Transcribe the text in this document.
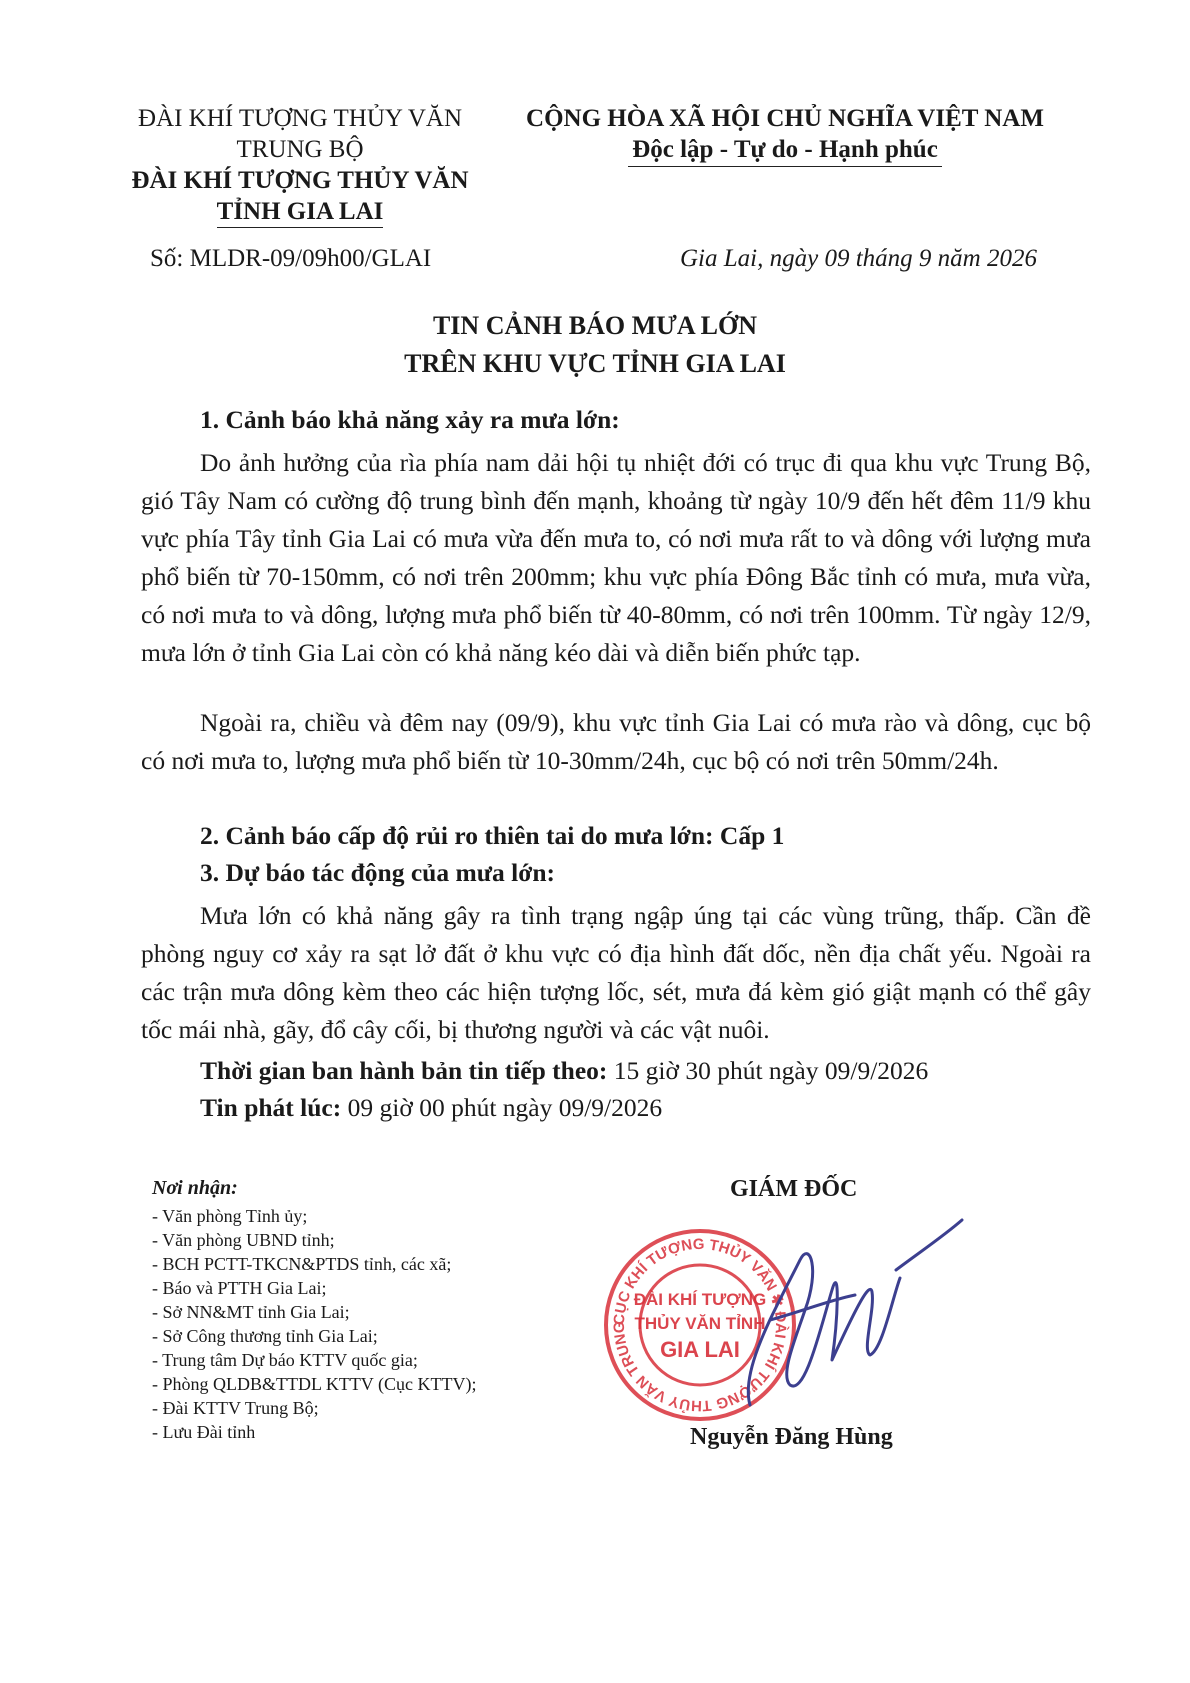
ĐÀI KHÍ TƯỢNG THỦY VĂN
TRUNG BỘ
ĐÀI KHÍ TƯỢNG THỦY VĂN
TỈNH GIA LAI
CỘNG HÒA XÃ HỘI CHỦ NGHĨA VIỆT NAM
Độc lập - Tự do - Hạnh phúc
Số: MLDR-09/09h00/GLAI	Gia Lai, ngày 09 tháng 9 năm 2026
TIN CẢNH BÁO MƯA LỚN
TRÊN KHU VỰC TỈNH GIA LAI
1. Cảnh báo khả năng xảy ra mưa lớn:
Do ảnh hưởng của rìa phía nam dải hội tụ nhiệt đới có trục đi qua khu vực Trung Bộ, gió Tây Nam có cường độ trung bình đến mạnh, khoảng từ ngày 10/9 đến hết đêm 11/9 khu vực phía Tây tỉnh Gia Lai có mưa vừa đến mưa to, có nơi mưa rất to và dông với lượng mưa phổ biến từ 70-150mm, có nơi trên 200mm; khu vực phía Đông Bắc tỉnh có mưa, mưa vừa, có nơi mưa to và dông, lượng mưa phổ biến từ 40-80mm, có nơi trên 100mm. Từ ngày 12/9, mưa lớn ở tỉnh Gia Lai còn có khả năng kéo dài và diễn biến phức tạp.
Ngoài ra, chiều và đêm nay (09/9), khu vực tỉnh Gia Lai có mưa rào và dông, cục bộ có nơi mưa to, lượng mưa phổ biến từ 10-30mm/24h, cục bộ có nơi trên 50mm/24h.
2. Cảnh báo cấp độ rủi ro thiên tai do mưa lớn: Cấp 1
3. Dự báo tác động của mưa lớn:
Mưa lớn có khả năng gây ra tình trạng ngập úng tại các vùng trũng, thấp. Cần đề phòng nguy cơ xảy ra sạt lở đất ở khu vực có địa hình đất dốc, nền địa chất yếu. Ngoài ra các trận mưa dông kèm theo các hiện tượng lốc, sét, mưa đá kèm gió giật mạnh có thể gây tốc mái nhà, gãy, đổ cây cối, bị thương người và các vật nuôi.
Thời gian ban hành bản tin tiếp theo: 15 giờ 30 phút ngày 09/9/2026
Tin phát lúc: 09 giờ 00 phút ngày 09/9/2026
Nơi nhận:
- Văn phòng Tỉnh ủy;
- Văn phòng UBND tỉnh;
- BCH PCTT-TKCN&PTDS tỉnh, các xã;
- Báo và PTTH Gia Lai;
- Sở NN&MT tỉnh Gia Lai;
- Sở Công thương tỉnh Gia Lai;
- Trung tâm Dự báo KTTV quốc gia;
- Phòng QLDB&TTDL KTTV (Cục KTTV);
- Đài KTTV Trung Bộ;
- Lưu Đài tỉnh
GIÁM ĐỐC
CỤC KHÍ TƯỢNG THỦY VĂN ✱ ĐÀI KHÍ TƯỢNG THỦY VĂN TRUNG
ĐÀI KHÍ TƯỢNG
THỦY VĂN TỈNH
GIA LAI
Nguyễn Đăng Hùng
